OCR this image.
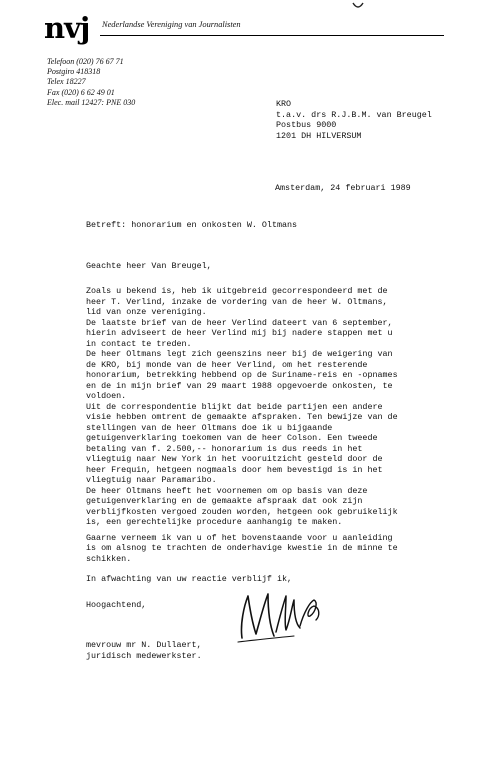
nvj Nederlandse Vereniging van Journalisten
Telefoon (020) 76 67 71
Postgiro 418318
Telex 18227
Fax (020) 6 62 49 01
Elec. mail 12427: PNE 030	KRO
t.a.v. drs R.J.B.M. van Breugel
Postbus 9000
1201 DH HILVERSUM
Amsterdam, 24 februari 1989
Betreft: honorarium en onkosten W. Oltmans
Geachte heer Van Breugel,
Zoals u bekend is, heb ik uitgebreid gecorrespondeerd met de
heer T. Verlind, inzake de vordering van de heer W. Oltmans,
lid van onze vereniging.
De laatste brief van de heer Verlind dateert van 6 september,
hierin adviseert de heer Verlind mij bij nadere stappen met u
in contact te treden.
De heer Oltmans legt zich geenszins neer bij de weigering van
de KRO, bij monde van de heer Verlind, om het resterende
honorarium, betrekking hebbend op de Suriname-reis en -opnames
en de in mijn brief van 29 maart 1988 opgevoerde onkosten, te
voldoen.
Uit de correspondentie blijkt dat beide partijen een andere
visie hebben omtrent de gemaakte afspraken. Ten bewijze van de
stellingen van de heer Oltmans doe ik u bijgaande
getuigenverklaring toekomen van de heer Colson. Een tweede
betaling van f. 2.500,-- honorarium is dus reeds in het
vliegtuig naar New York in het vooruitzicht gesteld door de
heer Frequin, hetgeen nogmaals door hem bevestigd is in het
vliegtuig naar Paramaribo.
De heer Oltmans heeft het voornemen om op basis van deze
getuigenverklaring en de gemaakte afspraak dat ook zijn
verblijfkosten vergoed zouden worden, hetgeen ook gebruikelijk
is, een gerechtelijke procedure aanhangig te maken.
Gaarne verneem ik van u of het bovenstaande voor u aanleiding
is om alsnog te trachten de onderhavige kwestie in de minne te
schikken.
In afwachting van uw reactie verblijf ik,
Hoogachtend,
mevrouw mr N. Dullaert,
juridisch medewerkster.
